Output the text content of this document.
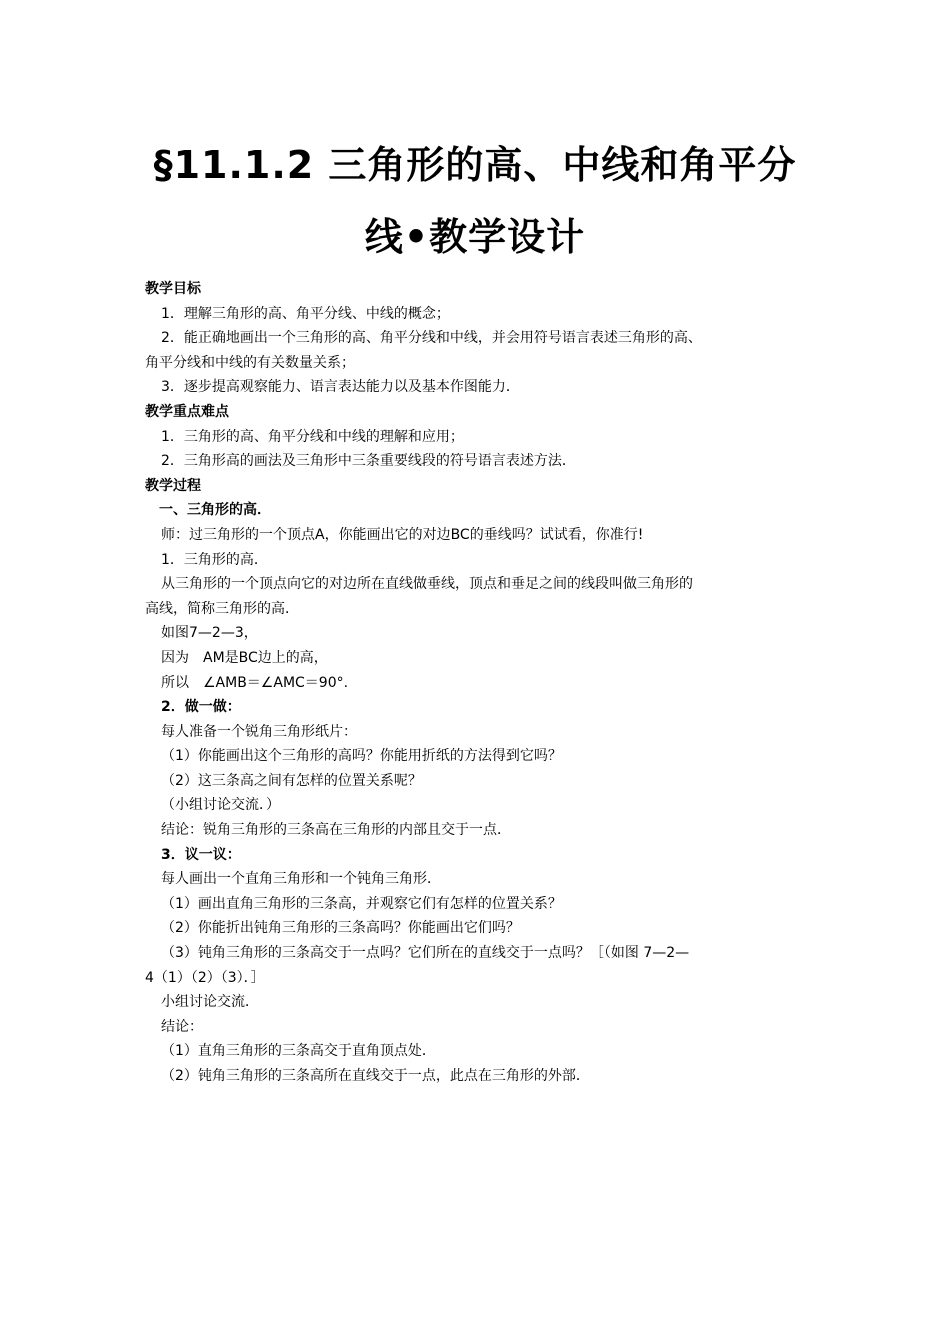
§11.1.2 三角形的高、中线和角平分
线•教学设计
教学目标
1．理解三角形的高、角平分线、中线的概念；
2．能正确地画出一个三角形的高、角平分线和中线，并会用符号语言表述三角形的高、
角平分线和中线的有关数量关系；
3．逐步提高观察能力、语言表达能力以及基本作图能力．
教学重点难点
1．三角形的高、角平分线和中线的理解和应用；
2．三角形高的画法及三角形中三条重要线段的符号语言表述方法．
教学过程
一、三角形的高．
师：过三角形的一个顶点A，你能画出它的对边BC的垂线吗？试试看，你准行!
1．三角形的高．
从三角形的一个顶点向它的对边所在直线做垂线，顶点和垂足之间的线段叫做三角形的
高线，简称三角形的高．
如图7—2—3，
因为　AM是BC边上的高，
所以　∠AMB＝∠AMC＝90°.
2．做一做：
每人准备一个锐角三角形纸片：
（1）你能画出这个三角形的高吗？你能用折纸的方法得到它吗？
（2）这三条高之间有怎样的位置关系呢？
（小组讨论交流．）
结论：锐角三角形的三条高在三角形的内部且交于一点．
3．议一议：
每人画出一个直角三角形和一个钝角三角形．
（1）画出直角三角形的三条高，并观察它们有怎样的位置关系？
（2）你能折出钝角三角形的三条高吗？你能画出它们吗？
（3）钝角三角形的三条高交于一点吗？它们所在的直线交于一点吗？［（如图 7—2—
4（1）（2）（3）．］
小组讨论交流．
结论：
（1）直角三角形的三条高交于直角顶点处．
（2）钝角三角形的三条高所在直线交于一点，此点在三角形的外部．
